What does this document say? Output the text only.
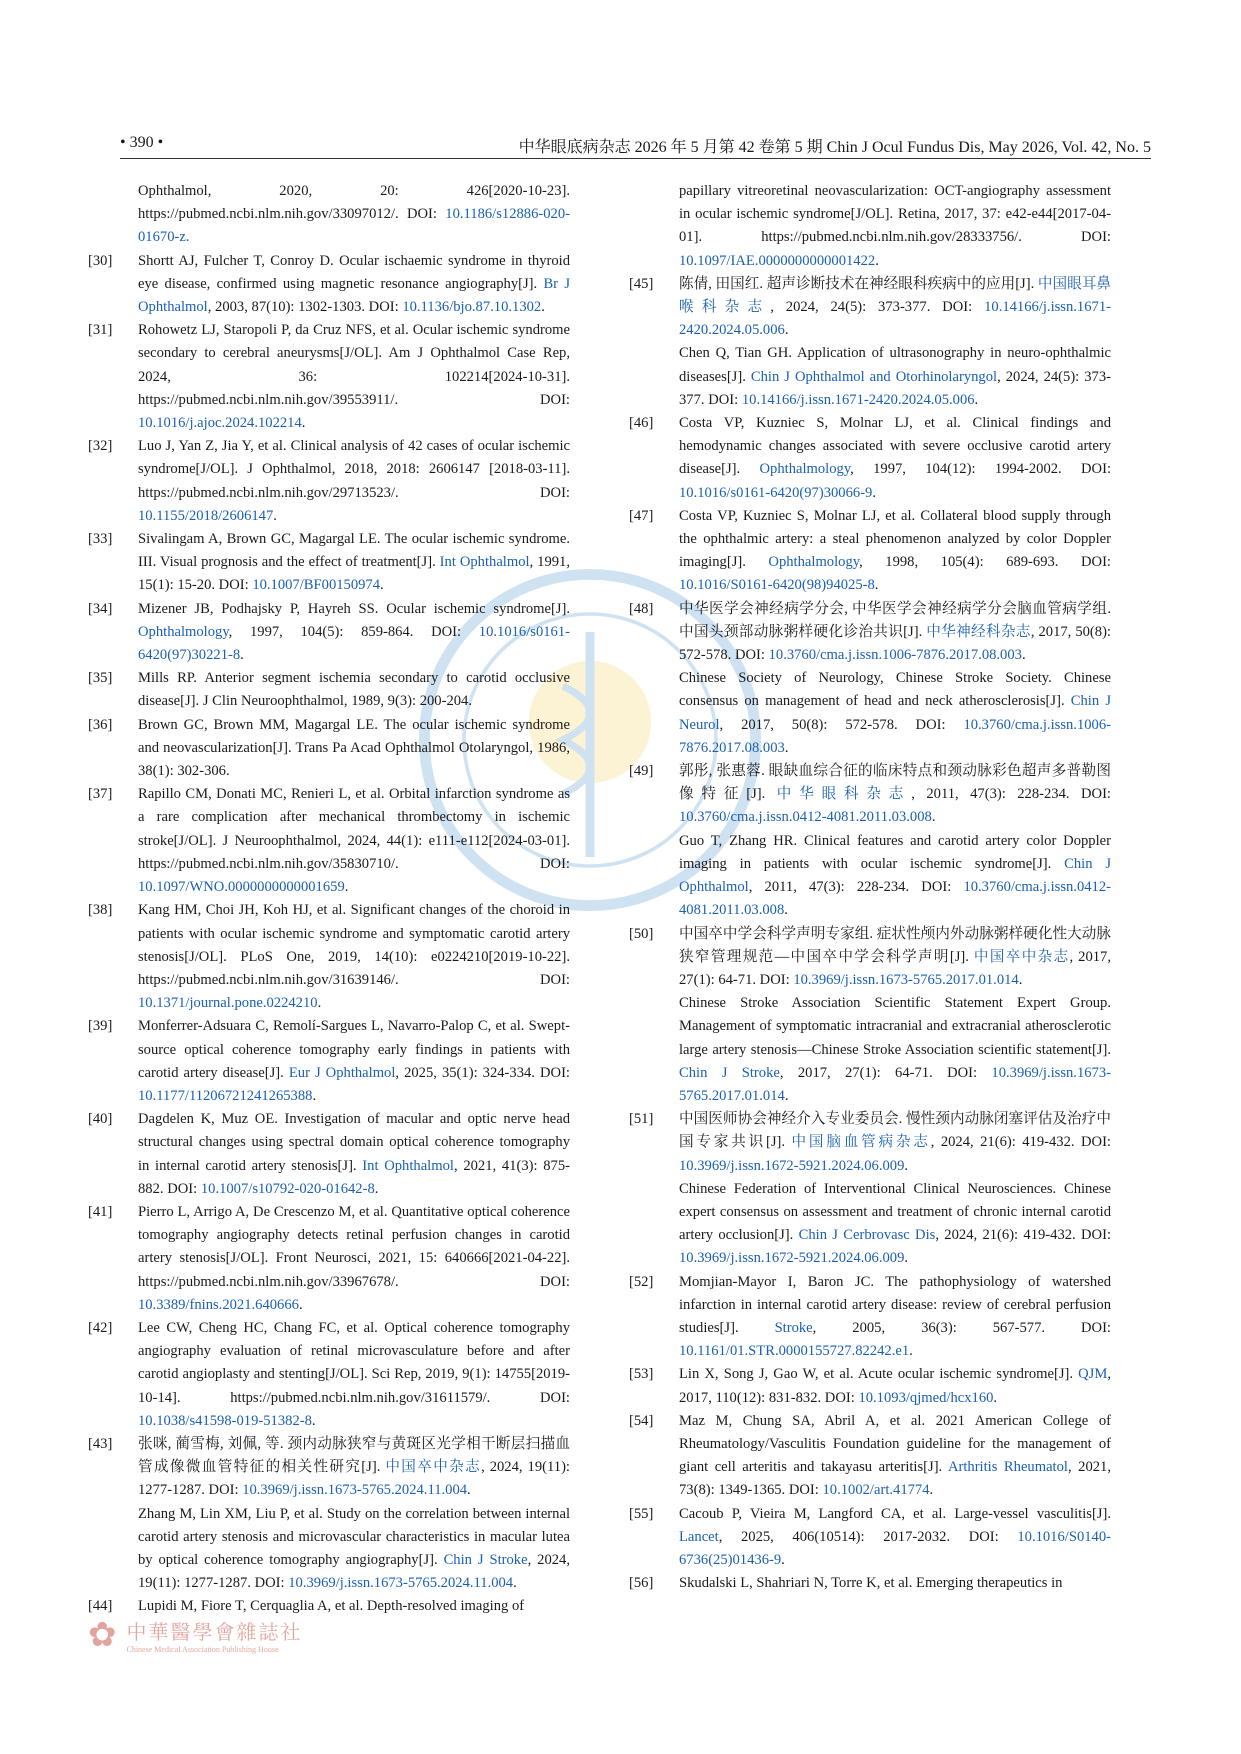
• 390 •	中华眼底病杂志 2026 年 5 月第 42 卷第 5 期 Chin J Ocul Fundus Dis, May 2026, Vol. 42, No. 5
Ophthalmol, 2020, 20: 426[2020-10-23]. https://pubmed.ncbi.nlm.nih.gov/33097012/. DOI: 10.1186/s12886-020-01670-z.
[30]	Shortt AJ, Fulcher T, Conroy D. Ocular ischaemic syndrome in thyroid eye disease, confirmed using magnetic resonance angiography[J]. Br J Ophthalmol, 2003, 87(10): 1302-1303. DOI: 10.1136/bjo.87.10.1302.
[31]	Rohowetz LJ, Staropoli P, da Cruz NFS, et al. Ocular ischemic syndrome secondary to cerebral aneurysms[J/OL]. Am J Ophthalmol Case Rep, 2024, 36: 102214[2024-10-31]. https://pubmed.ncbi.nlm.nih.gov/39553911/. DOI: 10.1016/j.ajoc.2024.102214.
[32]	Luo J, Yan Z, Jia Y, et al. Clinical analysis of 42 cases of ocular ischemic syndrome[J/OL]. J Ophthalmol, 2018, 2018: 2606147 [2018-03-11]. https://pubmed.ncbi.nlm.nih.gov/29713523/. DOI: 10.1155/2018/2606147.
[33]	Sivalingam A, Brown GC, Magargal LE. The ocular ischemic syndrome. III. Visual prognosis and the effect of treatment[J]. Int Ophthalmol, 1991, 15(1): 15-20. DOI: 10.1007/BF00150974.
[34]	Mizener JB, Podhajsky P, Hayreh SS. Ocular ischemic syndrome[J]. Ophthalmology, 1997, 104(5): 859-864. DOI: 10.1016/s0161-6420(97)30221-8.
[35]	Mills RP. Anterior segment ischemia secondary to carotid occlusive disease[J]. J Clin Neuroophthalmol, 1989, 9(3): 200-204.
[36]	Brown GC, Brown MM, Magargal LE. The ocular ischemic syndrome and neovascularization[J]. Trans Pa Acad Ophthalmol Otolaryngol, 1986, 38(1): 302-306.
[37]	Rapillo CM, Donati MC, Renieri L, et al. Orbital infarction syndrome as a rare complication after mechanical thrombectomy in ischemic stroke[J/OL]. J Neuroophthalmol, 2024, 44(1): e111-e112[2024-03-01]. https://pubmed.ncbi.nlm.nih.gov/35830710/. DOI: 10.1097/WNO.0000000000001659.
[38]	Kang HM, Choi JH, Koh HJ, et al. Significant changes of the choroid in patients with ocular ischemic syndrome and symptomatic carotid artery stenosis[J/OL]. PLoS One, 2019, 14(10): e0224210[2019-10-22]. https://pubmed.ncbi.nlm.nih.gov/31639146/. DOI: 10.1371/journal.pone.0224210.
[39]	Monferrer-Adsuara C, Remolí-Sargues L, Navarro-Palop C, et al. Swept-source optical coherence tomography early findings in patients with carotid artery disease[J]. Eur J Ophthalmol, 2025, 35(1): 324-334. DOI: 10.1177/11206721241265388.
[40]	Dagdelen K, Muz OE. Investigation of macular and optic nerve head structural changes using spectral domain optical coherence tomography in internal carotid artery stenosis[J]. Int Ophthalmol, 2021, 41(3): 875-882. DOI: 10.1007/s10792-020-01642-8.
[41]	Pierro L, Arrigo A, De Crescenzo M, et al. Quantitative optical coherence tomography angiography detects retinal perfusion changes in carotid artery stenosis[J/OL]. Front Neurosci, 2021, 15: 640666[2021-04-22]. https://pubmed.ncbi.nlm.nih.gov/33967678/. DOI: 10.3389/fnins.2021.640666.
[42]	Lee CW, Cheng HC, Chang FC, et al. Optical coherence tomography angiography evaluation of retinal microvasculature before and after carotid angioplasty and stenting[J/OL]. Sci Rep, 2019, 9(1): 14755[2019-10-14]. https://pubmed.ncbi.nlm.nih.gov/31611579/. DOI: 10.1038/s41598-019-51382-8.
[43]	张咪, 蔺雪梅, 刘佩, 等. 颈内动脉狭窄与黄斑区光学相干断层扫描血管成像微血管特征的相关性研究[J]. 中国卒中杂志, 2024, 19(11): 1277-1287. DOI: 10.3969/j.issn.1673-5765.2024.11.004.
Zhang M, Lin XM, Liu P, et al. Study on the correlation between internal carotid artery stenosis and microvascular characteristics in macular lutea by optical coherence tomography angiography[J]. Chin J Stroke, 2024, 19(11): 1277-1287. DOI: 10.3969/j.issn.1673-5765.2024.11.004.
[44]	Lupidi M, Fiore T, Cerquaglia A, et al. Depth-resolved imaging of
papillary vitreoretinal neovascularization: OCT-angiography assessment in ocular ischemic syndrome[J/OL]. Retina, 2017, 37: e42-e44[2017-04-01]. https://pubmed.ncbi.nlm.nih.gov/28333756/. DOI: 10.1097/IAE.0000000000001422.
[45]	陈倩, 田国红. 超声诊断技术在神经眼科疾病中的应用[J]. 中国眼耳鼻喉科杂志, 2024, 24(5): 373-377. DOI: 10.14166/j.issn.1671-2420.2024.05.006.
Chen Q, Tian GH. Application of ultrasonography in neuro-ophthalmic diseases[J]. Chin J Ophthalmol and Otorhinolaryngol, 2024, 24(5): 373-377. DOI: 10.14166/j.issn.1671-2420.2024.05.006.
[46]	Costa VP, Kuzniec S, Molnar LJ, et al. Clinical findings and hemodynamic changes associated with severe occlusive carotid artery disease[J]. Ophthalmology, 1997, 104(12): 1994-2002. DOI: 10.1016/s0161-6420(97)30066-9.
[47]	Costa VP, Kuzniec S, Molnar LJ, et al. Collateral blood supply through the ophthalmic artery: a steal phenomenon analyzed by color Doppler imaging[J]. Ophthalmology, 1998, 105(4): 689-693. DOI: 10.1016/S0161-6420(98)94025-8.
[48]	中华医学会神经病学分会, 中华医学会神经病学分会脑血管病学组. 中国头颈部动脉粥样硬化诊治共识[J]. 中华神经科杂志, 2017, 50(8): 572-578. DOI: 10.3760/cma.j.issn.1006-7876.2017.08.003.
Chinese Society of Neurology, Chinese Stroke Society. Chinese consensus on management of head and neck atherosclerosis[J]. Chin J Neurol, 2017, 50(8): 572-578. DOI: 10.3760/cma.j.issn.1006-7876.2017.08.003.
[49]	郭彤, 张惠蓉. 眼缺血综合征的临床特点和颈动脉彩色超声多普勒图像特征[J]. 中华眼科杂志, 2011, 47(3): 228-234. DOI: 10.3760/cma.j.issn.0412-4081.2011.03.008.
Guo T, Zhang HR. Clinical features and carotid artery color Doppler imaging in patients with ocular ischemic syndrome[J]. Chin J Ophthalmol, 2011, 47(3): 228-234. DOI: 10.3760/cma.j.issn.0412-4081.2011.03.008.
[50]	中国卒中学会科学声明专家组. 症状性颅内外动脉粥样硬化性大动脉狭窄管理规范—中国卒中学会科学声明[J]. 中国卒中杂志, 2017, 27(1): 64-71. DOI: 10.3969/j.issn.1673-5765.2017.01.014.
Chinese Stroke Association Scientific Statement Expert Group. Management of symptomatic intracranial and extracranial atherosclerotic large artery stenosis—Chinese Stroke Association scientific statement[J]. Chin J Stroke, 2017, 27(1): 64-71. DOI: 10.3969/j.issn.1673-5765.2017.01.014.
[51]	中国医师协会神经介入专业委员会. 慢性颈内动脉闭塞评估及治疗中国专家共识[J]. 中国脑血管病杂志, 2024, 21(6): 419-432. DOI: 10.3969/j.issn.1672-5921.2024.06.009.
Chinese Federation of Interventional Clinical Neurosciences. Chinese expert consensus on assessment and treatment of chronic internal carotid artery occlusion[J]. Chin J Cerbrovasc Dis, 2024, 21(6): 419-432. DOI: 10.3969/j.issn.1672-5921.2024.06.009.
[52]	Momjian-Mayor I, Baron JC. The pathophysiology of watershed infarction in internal carotid artery disease: review of cerebral perfusion studies[J]. Stroke, 2005, 36(3): 567-577. DOI: 10.1161/01.STR.0000155727.82242.e1.
[53]	Lin X, Song J, Gao W, et al. Acute ocular ischemic syndrome[J]. QJM, 2017, 110(12): 831-832. DOI: 10.1093/qjmed/hcx160.
[54]	Maz M, Chung SA, Abril A, et al. 2021 American College of Rheumatology/Vasculitis Foundation guideline for the management of giant cell arteritis and takayasu arteritis[J]. Arthritis Rheumatol, 2021, 73(8): 1349-1365. DOI: 10.1002/art.41774.
[55]	Cacoub P, Vieira M, Langford CA, et al. Large-vessel vasculitis[J]. Lancet, 2025, 406(10514): 2017-2032. DOI: 10.1016/S0140-6736(25)01436-9.
[56]	Skudalski L, Shahriari N, Torre K, et al. Emerging therapeutics in
✿ 中華醫學會雜誌社
Chinese Medical Association Publishing House
